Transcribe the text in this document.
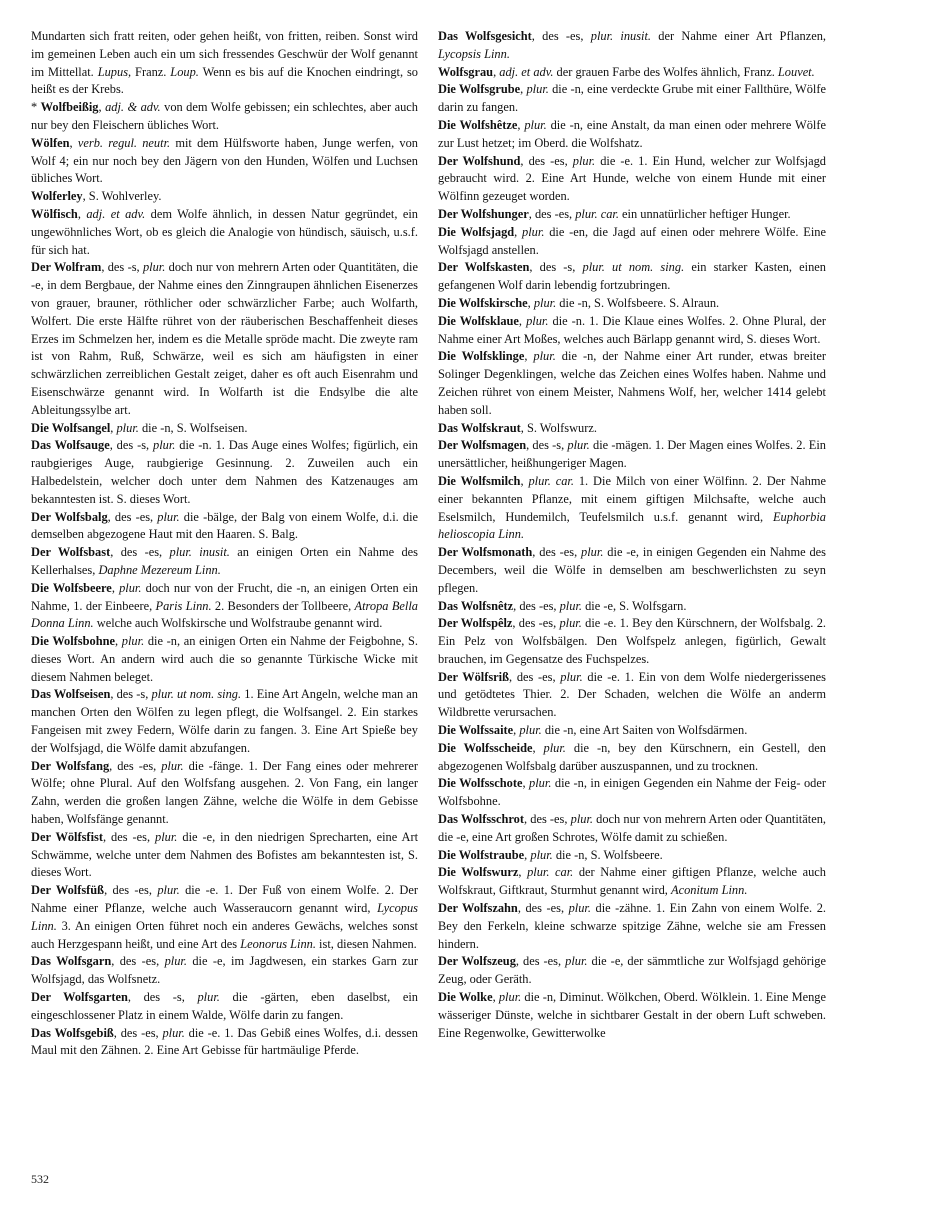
Mundarten sich fratt reiten, oder gehen heißt, von fritten, reiben. Sonst wird im gemeinen Leben auch ein um sich fressendes Geschwür der Wolf genannt im Mittellat. Lupus, Franz. Loup. Wenn es bis auf die Knochen eindringt, so heißt es der Krebs.

* Wolfbeißig, adj. & adv. von dem Wolfe gebissen; ein schlechtes, aber auch nur bey den Fleischern übliches Wort.

Wölfen, verb. regul. neutr. mit dem Hülfsworte haben, Junge werfen, von Wolf 4; ein nur noch bey den Jägern von den Hunden, Wölfen und Luchsen übliches Wort.

Wolferley, S. Wohlverley.

Wölfisch, adj. et adv. dem Wolfe ähnlich, in dessen Natur gegründet, ein ungewöhnliches Wort, ob es gleich die Analogie von hündisch, säuisch, u.s.f. für sich hat.

Der Wolfram, des -s, plur. doch nur von mehrern Arten oder Quantitäten, die -e, in dem Bergbaue, der Nahme eines den Zinngraupen ähnlichen Eisenerzes von grauer, brauner, röthlicher oder schwärzlicher Farbe; auch Wolfarth, Wolfert. Die erste Hälfte rühret von der räuberischen Beschaffenheit dieses Erzes im Schmelzen her, indem es die Metalle spröde macht. Die zweyte ram ist von Rahm, Ruß, Schwärze, weil es sich am häufigsten in einer schwärzlichen zerreiblichen Gestalt zeiget, daher es oft auch Eisenrahm und Eisenschwärze genannt wird. In Wolfarth ist die Endsylbe die alte Ableitungssylbe art.

Die Wolfsangel, plur. die -n, S. Wolfseisen.

Das Wolfsauge, des -s, plur. die -n. 1. Das Auge eines Wolfes; figürlich, ein raubgieriges Auge, raubgierige Gesinnung. 2. Zuweilen auch ein Halbedelstein, welcher doch unter dem Nahmen des Katzenauges am bekanntesten ist. S. dieses Wort.

Der Wolfsbalg, des -es, plur. die -bälge, der Balg von einem Wolfe, d.i. die demselben abgezogene Haut mit den Haaren. S. Balg.

Der Wolfsbast, des -es, plur. inusit. an einigen Orten ein Nahme des Kellerhalses, Daphne Mezereum Linn.

Die Wolfsbeere, plur. doch nur von der Frucht, die -n, an einigen Orten ein Nahme, 1. der Einbeere, Paris Linn. 2. Besonders der Tollbeere, Atropa Bella Donna Linn. welche auch Wolfskirsche und Wolfstraube genannt wird.

Die Wolfsbohne, plur. die -n, an einigen Orten ein Nahme der Feigbohne, S. dieses Wort. An andern wird auch die so genannte Türkische Wicke mit diesem Nahmen beleget.

Das Wolfseisen, des -s, plur. ut nom. sing. 1. Eine Art Angeln, welche man an manchen Orten den Wölfen zu legen pflegt, die Wolfsangel. 2. Ein starkes Fangeisen mit zwey Federn, Wölfe darin zu fangen. 3. Eine Art Spieße bey der Wolfsjagd, die Wölfe damit abzufangen.

Der Wolfsfang, des -es, plur. die -fänge. 1. Der Fang eines oder mehrerer Wölfe; ohne Plural. Auf den Wolfsfang ausgehen. 2. Von Fang, ein langer Zahn, werden die großen langen Zähne, welche die Wölfe in dem Gebisse haben, Wolfsfänge genannt.

Der Wölfsfist, des -es, plur. die -e, in den niedrigen Sprecharten, eine Art Schwämme, welche unter dem Nahmen des Bofistes am bekanntesten ist, S. dieses Wort.

Der Wolfsfüß, des -es, plur. die -e. 1. Der Fuß von einem Wolfe. 2. Der Nahme einer Pflanze, welche auch Wasseraucorn genannt wird, Lycopus Linn. 3. An einigen Orten führet noch ein anderes Gewächs, welches sonst auch Herzgespann heißt, und eine Art des Leonorus Linn. ist, diesen Nahmen.

Das Wolfsgarn, des -es, plur. die -e, im Jagdwesen, ein starkes Garn zur Wolfsjagd, das Wolfsnetz.

Der Wolfsgarten, des -s, plur. die -gärten, eben daselbst, ein eingeschlossener Platz in einem Walde, Wölfe darin zu fangen.

Das Wolfsgebiß, des -es, plur. die -e. 1. Das Gebiß eines Wolfes, d.i. dessen Maul mit den Zähnen. 2. Eine Art Gebisse für hartmäulige Pferde.

Das Wolfsgesicht, des -es, plur. inusit. der Nahme einer Art Pflanzen, Lycopsis Linn.

Wolfsgrau, adj. et adv. der grauen Farbe des Wolfes ähnlich, Franz. Louvet.

Die Wolfsgrube, plur. die -n, eine verdeckte Grube mit einer Fallthüre, Wölfe darin zu fangen.

Die Wolfshêtze, plur. die -n, eine Anstalt, da man einen oder mehrere Wölfe zur Lust hetzet; im Oberd. die Wolfshatz.

Der Wolfshund, des -es, plur. die -e. 1. Ein Hund, welcher zur Wolfsjagd gebraucht wird. 2. Eine Art Hunde, welche von einem Hunde mit einer Wölfinn gezeuget worden.

Der Wolfshunger, des -es, plur. car. ein unnatürlicher heftiger Hunger.

Die Wolfsjagd, plur. die -en, die Jagd auf einen oder mehrere Wölfe. Eine Wolfsjagd anstellen.

Der Wolfskasten, des -s, plur. ut nom. sing. ein starker Kasten, einen gefangenen Wolf darin lebendig fortzubringen.

Die Wolfskirsche, plur. die -n, S. Wolfsbeere. S. Alraun.

Die Wolfsklaue, plur. die -n. 1. Die Klaue eines Wolfes. 2. Ohne Plural, der Nahme einer Art Moßes, welches auch Bärlapp genannt wird, S. dieses Wort.

Die Wolfsklinge, plur. die -n, der Nahme einer Art runder, etwas breiter Solinger Degenklingen, welche das Zeichen eines Wolfes haben. Nahme und Zeichen rühret von einem Meister, Nahmens Wolf, her, welcher 1414 gelebt haben soll.

Das Wolfskraut, S. Wolfswurz.

Der Wolfsmagen, des -s, plur. die -mägen. 1. Der Magen eines Wolfes. 2. Ein unersättlicher, heißhungeriger Magen.

Die Wolfsmilch, plur. car. 1. Die Milch von einer Wölfinn. 2. Der Nahme einer bekannten Pflanze, mit einem giftigen Milchsafte, welche auch Eselsmilch, Hundemilch, Teufelsmilch u.s.f. genannt wird, Euphorbia helioscopia Linn.

Der Wolfsmonath, des -es, plur. die -e, in einigen Gegenden ein Nahme des Decembers, weil die Wölfe in demselben am beschwerlichsten zu seyn pflegen.

Das Wolfsnêtz, des -es, plur. die -e, S. Wolfsgarn.

Der Wolfspêlz, des -es, plur. die -e. 1. Bey den Kürschnern, der Wolfsbalg. 2. Ein Pelz von Wolfsbälgen. Den Wolfspelz anlegen, figürlich, Gewalt brauchen, im Gegensatze des Fuchspelzes.

Der Wölfsriß, des -es, plur. die -e. 1. Ein von dem Wolfe niedergerissenes und getödtetes Thier. 2. Der Schaden, welchen die Wölfe an anderm Wildbrette verursachen.

Die Wolfssaite, plur. die -n, eine Art Saiten von Wolfsdärmen.

Die Wolfsscheide, plur. die -n, bey den Kürschnern, ein Gestell, den abgezogenen Wolfsbalg darüber auszuspannen, und zu trocknen.

Die Wolfsschote, plur. die -n, in einigen Gegenden ein Nahme der Feig- oder Wolfsbohne.

Das Wolfsschrot, des -es, plur. doch nur von mehrern Arten oder Quantitäten, die -e, eine Art großen Schrotes, Wölfe damit zu schießen.

Die Wolfstraube, plur. die -n, S. Wolfsbeere.

Die Wolfswurz, plur. car. der Nahme einer giftigen Pflanze, welche auch Wolfskraut, Giftkraut, Sturmhut genannt wird, Aconitum Linn.

Der Wolfszahn, des -es, plur. die -zähne. 1. Ein Zahn von einem Wolfe. 2. Bey den Ferkeln, kleine schwarze spitzige Zähne, welche sie am Fressen hindern.

Der Wolfszeug, des -es, plur. die -e, der sämmtliche zur Wolfsjagd gehörige Zeug, oder Geräth.

Die Wolke, plur. die -n, Diminut. Wölkchen, Oberd. Wölklein. 1. Eine Menge wässeriger Dünste, welche in sichtbarer Gestalt in der obern Luft schweben. Eine Regenwolke, Gewitterwolke

532
